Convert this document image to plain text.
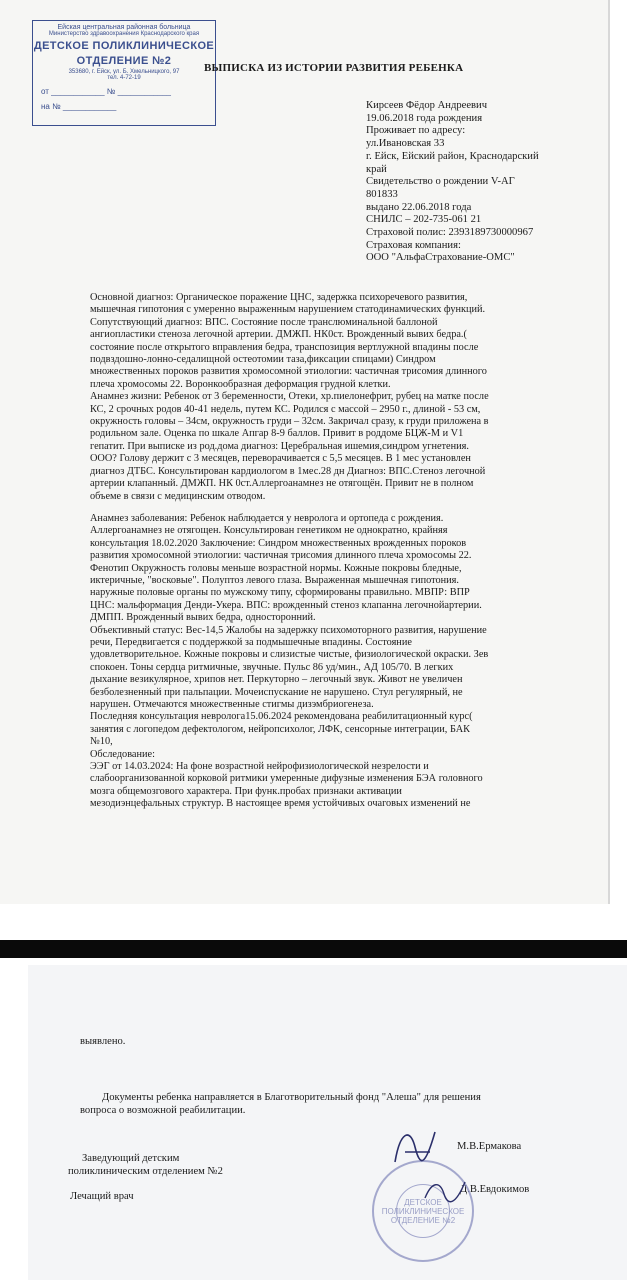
Ейская центральная районная больница
Министерство здравоохранения Краснодарского края
ДЕТСКОЕ ПОЛИКЛИНИЧЕСКОЕ
ОТДЕЛЕНИЕ №2
353680, г. Ейск, ул. Б. Хмельницкого, 97
тел. 4-72-19
от ____________ № ____________
на № ____________
ВЫПИСКА ИЗ ИСТОРИИ РАЗВИТИЯ РЕБЕНКА
Кирсеев Фёдор Андреевич
19.06.2018 года рождения
Проживает по адресу:
ул.Ивановская 33
г. Ейск, Ейский район, Краснодарский
край
Свидетельство о рождении V-АГ
801833
выдано 22.06.2018 года
СНИЛС – 202-735-061 21
Страховой полис: 2393189730000967
Страховая компания:
ООО "АльфаСтрахование-ОМС"

Основной диагноз: Органическое поражение ЦНС, задержка психоречевого развития,

мышечная гипотония с умеренно выраженным нарушением статодинамических функций.

Сопутствующий диагноз: ВПС. Состояние после транслюминальной баллоной

ангиопластики стеноза легочной артерии. ДМЖП. НК0ст. Врожденный вывих бедра.(

состояние после открытого вправления бедра, транспозиция вертлужной впадины после

подвздошно-лонно-седалищной остеотомии таза,фиксации спицами) Синдром

множественных пороков развития хромосомной этиологии: частичная трисомия длинного

плеча хромосомы 22. Воронкообразная деформация грудной клетки.

Анамнез жизни: Ребенок от 3 беременности, Отеки, хр.пиелонефрит, рубец на матке после

КС, 2 срочных родов 40-41 недель, путем КС. Родился с массой – 2950 г., длиной - 53 см,

окружность головы – 34см, окружность груди – 32см. Закричал сразу, к груди приложена в

родильном зале. Оценка по шкале Апгар 8-9 баллов. Привит в роддоме БЦЖ-М и V1

гепатит. При выписке из род.дома диагноз: Церебральная ишемия,синдром угнетения.

ООО? Голову держит с 3 месяцев, переворачивается с 5,5 месяцев. В 1 мес установлен

диагноз ДТБС. Консультирован кардиологом в 1мес.28 дн Диагноз: ВПС.Стеноз легочной

артерии клапанный. ДМЖП. НК 0ст.Аллергоанамнез не отягощён. Привит не в полном

объеме в связи с медицинским отводом.

Анамнез заболевания: Ребенок наблюдается у невролога и ортопеда с рождения.

Аллергоанамнез не отягощен. Консультирован генетиком не однократно, крайняя

консультация 18.02.2020 Заключение: Синдром множественных врожденных пороков

развития хромосомной этиологии: частичная трисомия длинного плеча хромосомы 22.

Фенотип Окружность головы меньше возрастной нормы. Кожные покровы бледные,

иктеричные, "восковые". Полуптоз левого глаза. Выраженная мышечная гипотония.

наружные половые органы по мужскому типу, сформированы правильно. МВПР: ВПР

ЦНС: мальформация Денди-Укера. ВПС: врожденный стеноз клапанна легочнойартерии.

ДМПП. Врожденный вывих бедра, односторонний.

Объективный статус: Вес-14,5 Жалобы на задержку психомоторного развития, нарушение

речи, Передвигается с поддержкой за подмышечные впадины. Состояние

удовлетворительное. Кожные покровы и слизистые чистые, физиологической окраски. Зев

спокоен. Тоны сердца ритмичные, звучные. Пульс 86 уд/мин., АД 105/70. В легких

дыхание везикулярное, хрипов нет. Перкуторно – легочный звук. Живот не увеличен

безболезненный при пальпации. Мочеиспускание не нарушено. Стул регулярный, не

нарушен. Отмечаются множественные стигмы дизэмбриогенеза.

Последняя консультация невролога15.06.2024 рекомендована реабилитационный курс(

занятия с логопедом дефектологом, нейропсихолог, ЛФК, сенсорные интеграции, БАК

№10,

Обследование:

ЭЭГ от 14.03.2024: На фоне возрастной нейрофизиологической незрелости и

слабоорганизованной корковой ритмики умеренные дифузные изменения БЭА головного

мозга общемозгового характера. При функ.пробах признаки активации

мезодиэнцефальных структур. В настоящее время устойчивых очаговых изменений не

выявлено.
Документы ребенка направляется в Благотворительный фонд "Алеша" для решения
вопроса о возможной реабилитации.
Заведующий детским
поликлиническим отделением №2
М.В.Ермакова
Лечащий врач
Д.В.Евдокимов
ДЕТСКОЕ ПОЛИКЛИНИЧЕСКОЕ ОТДЕЛЕНИЕ №2
